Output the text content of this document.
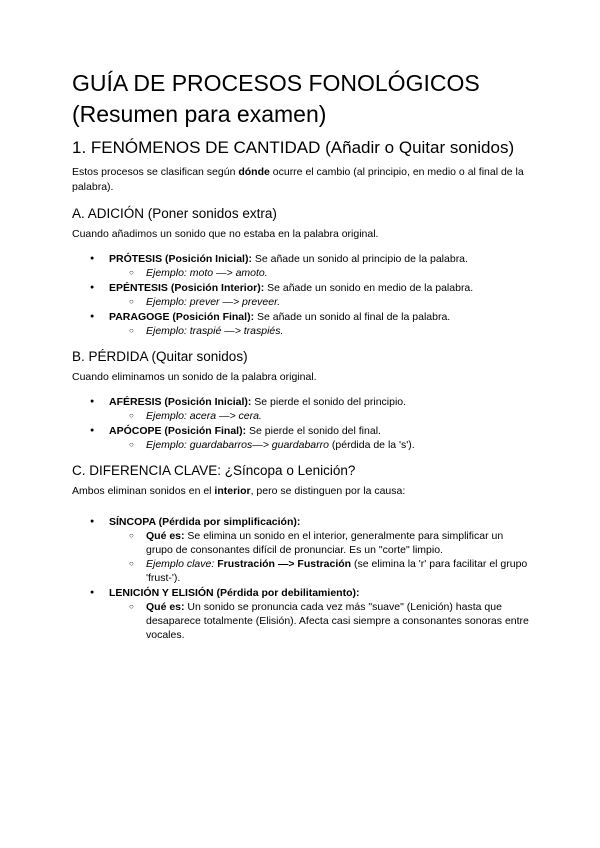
GUÍA DE PROCESOS FONOLÓGICOS (Resumen para examen)
1. FENÓMENOS DE CANTIDAD (Añadir o Quitar sonidos)

Estos procesos se clasifican según dónde ocurre el cambio (al principio, en medio o al final de la palabra).

A. ADICIÓN (Poner sonidos extra)

Cuando añadimos un sonido que no estaba en la palabra original.

● PRÓTESIS (Posición Inicial): Se añade un sonido al principio de la palabra.
○ Ejemplo: moto —> amoto.
● EPÉNTESIS (Posición Interior): Se añade un sonido en medio de la palabra.
○ Ejemplo: prever —> preveer.
● PARAGOGE (Posición Final): Se añade un sonido al final de la palabra.
○ Ejemplo: traspié —> traspiés.
B. PÉRDIDA (Quitar sonidos)

Cuando eliminamos un sonido de la palabra original.

● AFÉRESIS (Posición Inicial): Se pierde el sonido del principio.
○ Ejemplo: acera —> cera.
● APÓCOPE (Posición Final): Se pierde el sonido del final.
○ Ejemplo: guardabarros—> guardabarro (pérdida de la 's').
C. DIFERENCIA CLAVE: ¿Síncopa o Lenición?

Ambos eliminan sonidos en el interior, pero se distinguen por la causa:

● SÍNCOPA (Pérdida por simplificación):
○ Qué es: Se elimina un sonido en el interior, generalmente para simplificar un grupo de consonantes difícil de pronunciar. Es un "corte" limpio.
○ Ejemplo clave: Frustración —> Fustración (se elimina la 'r' para facilitar el grupo 'frust-').
● LENICIÓN Y ELISIÓN (Pérdida por debilitamiento):
○ Qué es: Un sonido se pronuncia cada vez más "suave" (Lenición) hasta que desaparece totalmente (Elisión). Afecta casi siempre a consonantes sonoras entre vocales.
